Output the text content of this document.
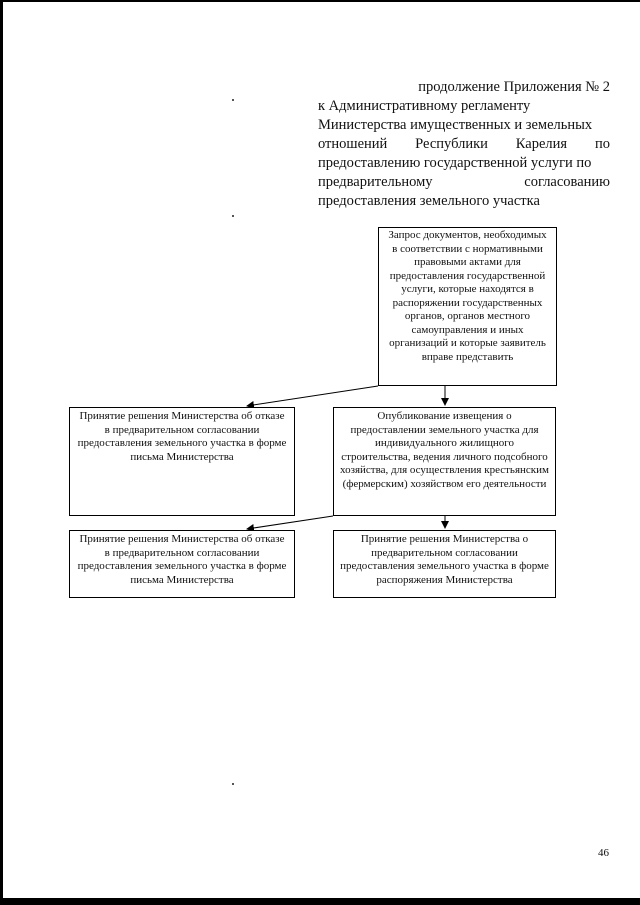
продолжение Приложения № 2
к Административному регламенту
Министерства имущественных и земельных
отношений Республики Карелия по
предоставлению государственной услуги по
предварительному	согласованию
предоставления земельного участка
Запрос документов, необходимых в соответствии с нормативными правовыми актами для предоставления государственной услуги, которые находятся в распоряжении государственных органов, органов местного самоуправления и иных организаций и которые заявитель вправе представить
Принятие решения Министерства об отказе в предварительном согласовании предоставления земельного участка в форме письма Министерства
Опубликование извещения о предоставлении земельного участка для индивидуального жилищного строительства, ведения личного подсобного хозяйства, для осуществления крестьянским (фермерским) хозяйством его деятельности
Принятие решения Министерства об отказе в предварительном согласовании предоставления земельного участка в форме письма Министерства
Принятие решения Министерства о предварительном согласовании предоставления земельного участка в форме распоряжения Министерства
46
